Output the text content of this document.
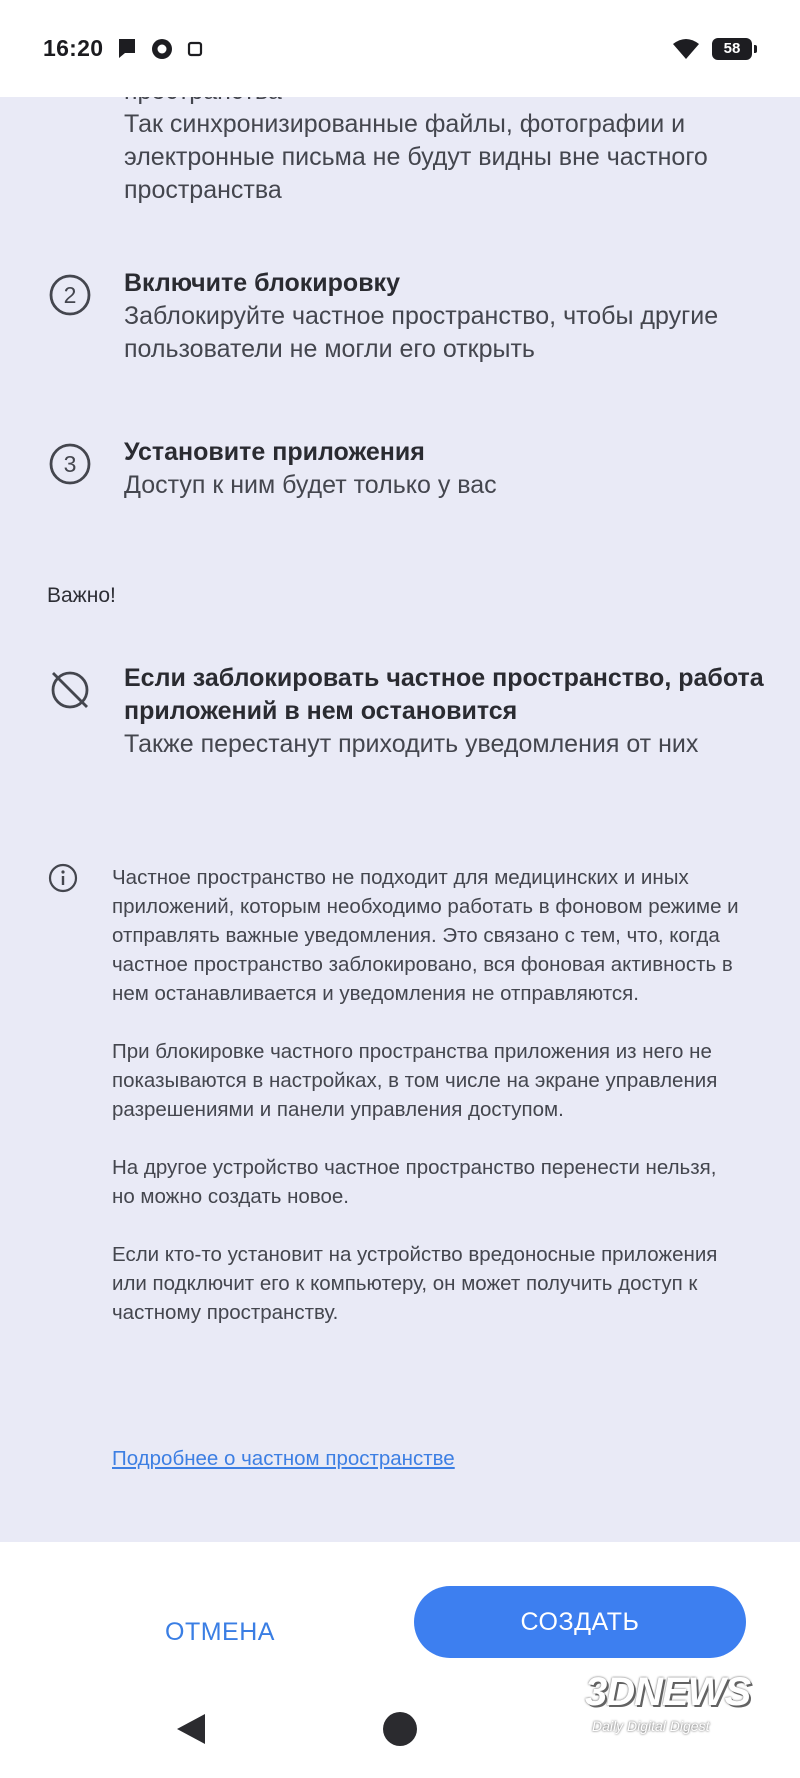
16:20	58
Так синхронизированные файлы, фотографии и электронные письма не будут видны вне частного пространства
2 Включите блокировку
Заблокируйте частное пространство, чтобы другие пользователи не могли его открыть
3 Установите приложения
Доступ к ним будет только у вас
Важно!
Если заблокировать частное пространство, работа приложений в нем остановится
Также перестанут приходить уведомления от них

Частное пространство не подходит для медицинских и иных приложений, которым необходимо работать в фоновом режиме и отправлять важные уведомления. Это связано с тем, что, когда частное пространство заблокировано, вся фоновая активность в нем останавливается и уведомления не отправляются.

При блокировке частного пространства приложения из него не показываются в настройках, в том числе на экране управления разрешениями и панели управления доступом.

На другое устройство частное пространство перенести нельзя, но можно создать новое.

Если кто-то установит на устройство вредоносные приложения или подключит его к компьютеру, он может получить доступ к частному пространству.

Подробнее о частном пространстве
ОТМЕНА	СОЗДАТЬ
3DNEWS
Daily Digital Digest
